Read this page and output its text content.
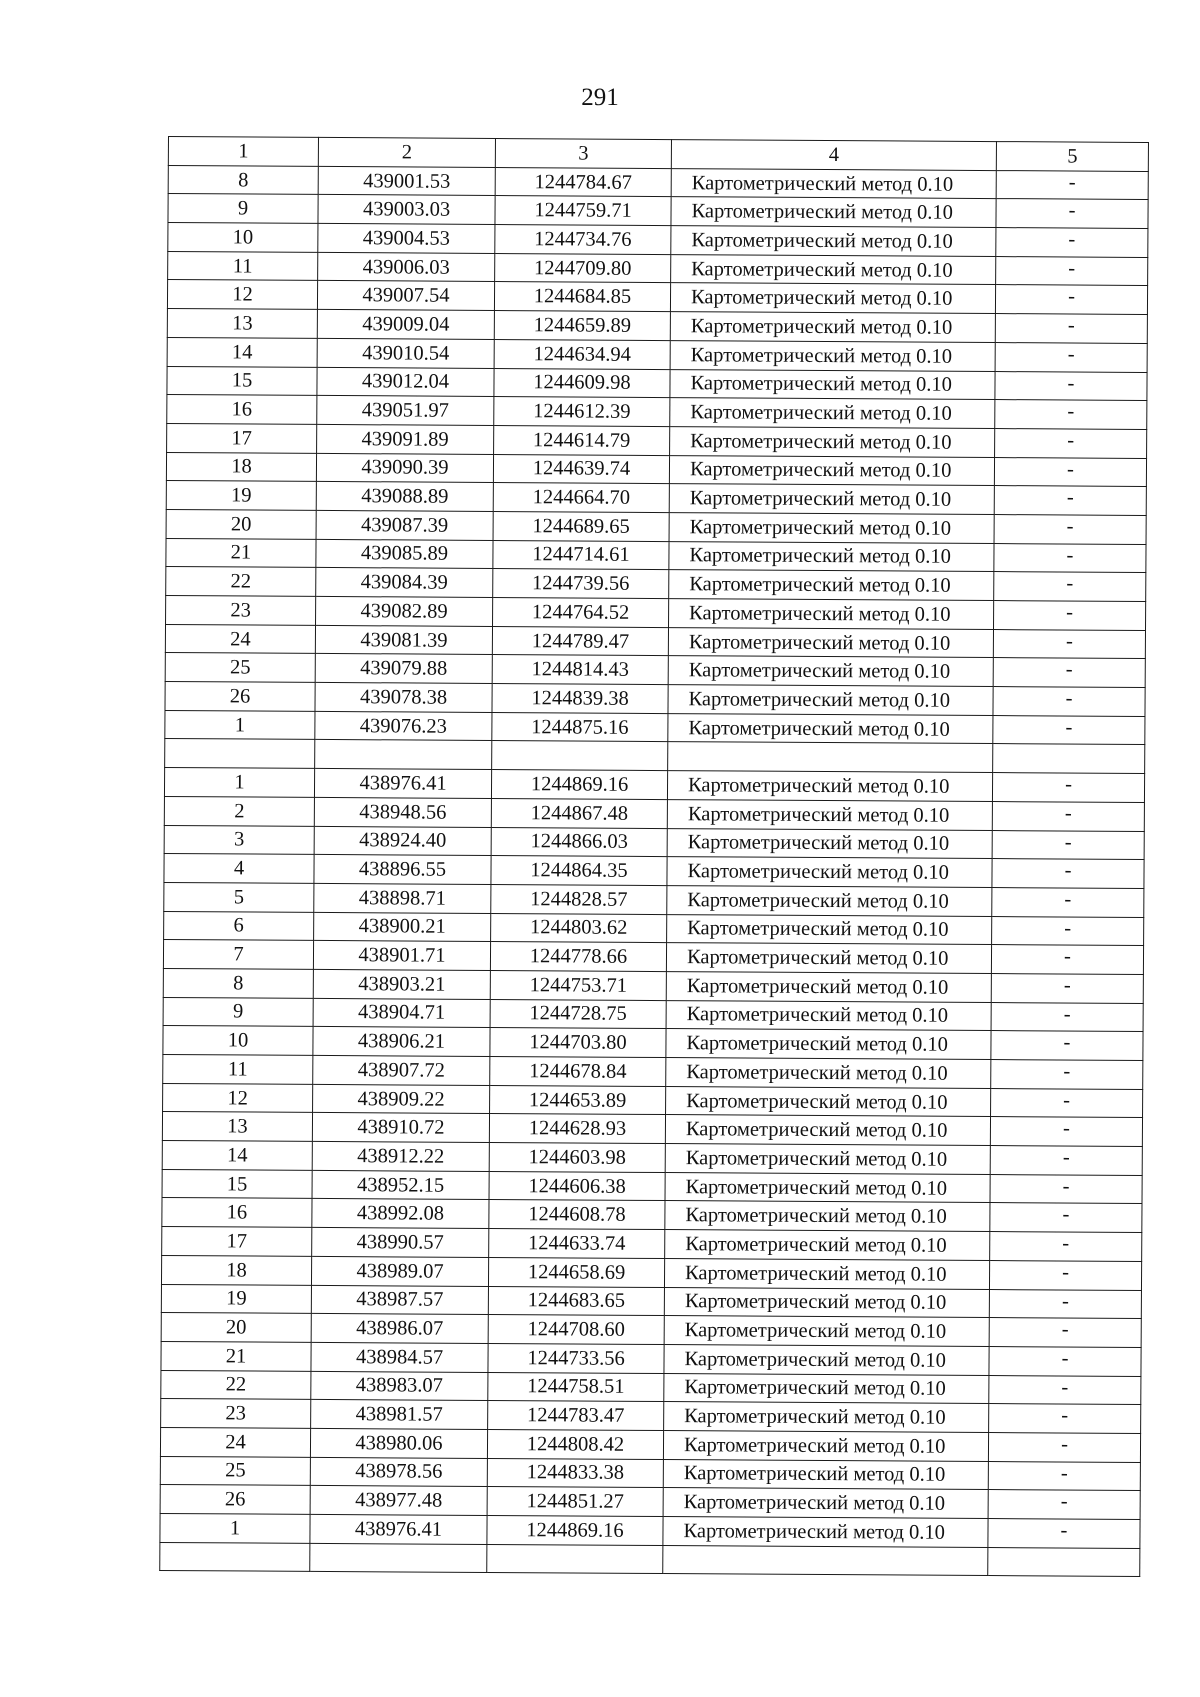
291
1	2	3	4	5
8	439001.53	1244784.67	Картометрический метод 0.10	-
9	439003.03	1244759.71	Картометрический метод 0.10	-
10	439004.53	1244734.76	Картометрический метод 0.10	-
11	439006.03	1244709.80	Картометрический метод 0.10	-
12	439007.54	1244684.85	Картометрический метод 0.10	-
13	439009.04	1244659.89	Картометрический метод 0.10	-
14	439010.54	1244634.94	Картометрический метод 0.10	-
15	439012.04	1244609.98	Картометрический метод 0.10	-
16	439051.97	1244612.39	Картометрический метод 0.10	-
17	439091.89	1244614.79	Картометрический метод 0.10	-
18	439090.39	1244639.74	Картометрический метод 0.10	-
19	439088.89	1244664.70	Картометрический метод 0.10	-
20	439087.39	1244689.65	Картометрический метод 0.10	-
21	439085.89	1244714.61	Картометрический метод 0.10	-
22	439084.39	1244739.56	Картометрический метод 0.10	-
23	439082.89	1244764.52	Картометрический метод 0.10	-
24	439081.39	1244789.47	Картометрический метод 0.10	-
25	439079.88	1244814.43	Картометрический метод 0.10	-
26	439078.38	1244839.38	Картометрический метод 0.10	-
1	439076.23	1244875.16	Картометрический метод 0.10	-

1	438976.41	1244869.16	Картометрический метод 0.10	-
2	438948.56	1244867.48	Картометрический метод 0.10	-
3	438924.40	1244866.03	Картометрический метод 0.10	-
4	438896.55	1244864.35	Картометрический метод 0.10	-
5	438898.71	1244828.57	Картометрический метод 0.10	-
6	438900.21	1244803.62	Картометрический метод 0.10	-
7	438901.71	1244778.66	Картометрический метод 0.10	-
8	438903.21	1244753.71	Картометрический метод 0.10	-
9	438904.71	1244728.75	Картометрический метод 0.10	-
10	438906.21	1244703.80	Картометрический метод 0.10	-
11	438907.72	1244678.84	Картометрический метод 0.10	-
12	438909.22	1244653.89	Картометрический метод 0.10	-
13	438910.72	1244628.93	Картометрический метод 0.10	-
14	438912.22	1244603.98	Картометрический метод 0.10	-
15	438952.15	1244606.38	Картометрический метод 0.10	-
16	438992.08	1244608.78	Картометрический метод 0.10	-
17	438990.57	1244633.74	Картометрический метод 0.10	-
18	438989.07	1244658.69	Картометрический метод 0.10	-
19	438987.57	1244683.65	Картометрический метод 0.10	-
20	438986.07	1244708.60	Картометрический метод 0.10	-
21	438984.57	1244733.56	Картометрический метод 0.10	-
22	438983.07	1244758.51	Картометрический метод 0.10	-
23	438981.57	1244783.47	Картометрический метод 0.10	-
24	438980.06	1244808.42	Картометрический метод 0.10	-
25	438978.56	1244833.38	Картометрический метод 0.10	-
26	438977.48	1244851.27	Картометрический метод 0.10	-
1	438976.41	1244869.16	Картометрический метод 0.10	-
